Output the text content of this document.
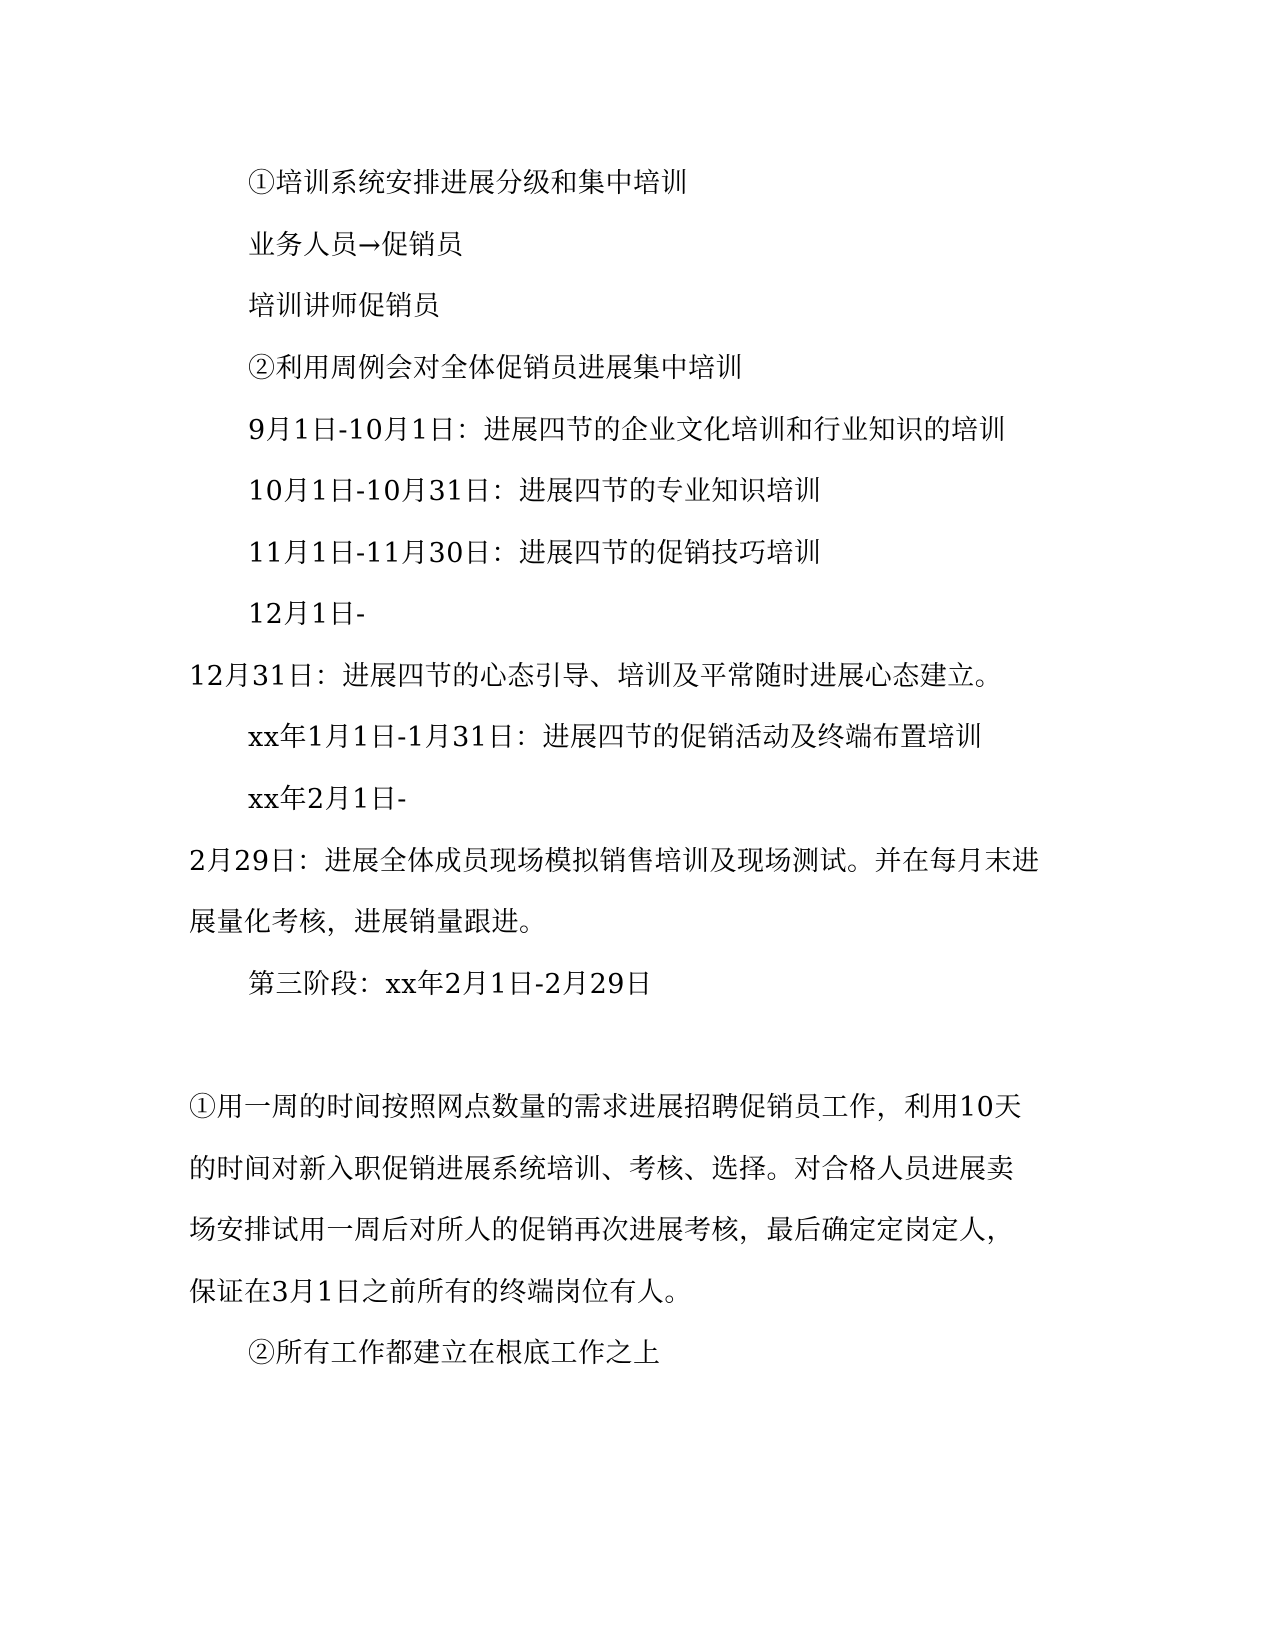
①培训系统安排进展分级和集中培训
业务人员→促销员
培训讲师促销员
②利用周例会对全体促销员进展集中培训
9月1日-10月1日：进展四节的企业文化培训和行业知识的培训
10月1日-10月31日：进展四节的专业知识培训
11月1日-11月30日：进展四节的促销技巧培训
12月1日-
12月31日：进展四节的心态引导、培训及平常随时进展心态建立。
xx年1月1日-1月31日：进展四节的促销活动及终端布置培训
xx年2月1日-
2月29日：进展全体成员现场模拟销售培训及现场测试。并在每月末进
展量化考核，进展销量跟进。
第三阶段：xx年2月1日-2月29日
①用一周的时间按照网点数量的需求进展招聘促销员工作，利用10天
的时间对新入职促销进展系统培训、考核、选择。对合格人员进展卖
场安排试用一周后对所人的促销再次进展考核，最后确定定岗定人，
保证在3月1日之前所有的终端岗位有人。
②所有工作都建立在根底工作之上
